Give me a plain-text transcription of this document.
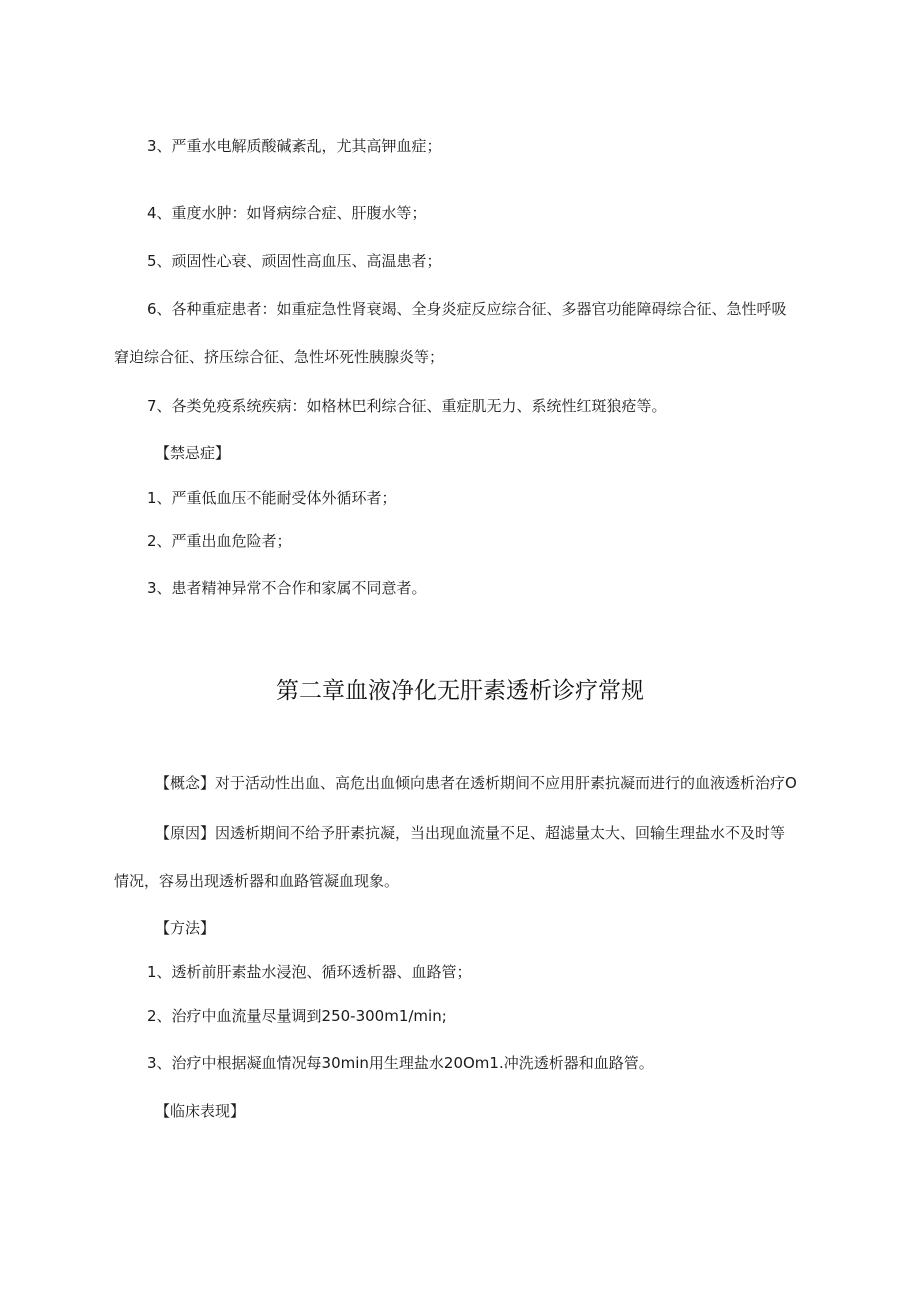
3、严重水电解质酸碱紊乱，尤其高钾血症；
4、重度水肿：如肾病综合症、肝腹水等；
5、顽固性心衰、顽固性高血压、高温患者；
6、各种重症患者：如重症急性肾衰竭、全身炎症反应综合征、多器官功能障碍综合征、急性呼吸
窘迫综合征、挤压综合征、急性坏死性胰腺炎等；
7、各类免疫系统疾病：如格林巴利综合征、重症肌无力、系统性红斑狼疮等。
【禁忌症】
1、严重低血压不能耐受体外循环者；
2、严重出血危险者；
3、患者精神异常不合作和家属不同意者。
第二章血液净化无肝素透析诊疗常规
【概念】对于活动性出血、高危出血倾向患者在透析期间不应用肝素抗凝而进行的血液透析治疗O
【原因】因透析期间不给予肝素抗凝，当出现血流量不足、超滤量太大、回输生理盐水不及时等
情况，容易出现透析器和血路管凝血现象。
【方法】
1、透析前肝素盐水浸泡、循环透析器、血路管；
2、治疗中血流量尽量调到250-300m1∕min;
3、治疗中根据凝血情况每30min用生理盐水20Om1.冲洗透析器和血路管。
【临床表现】
